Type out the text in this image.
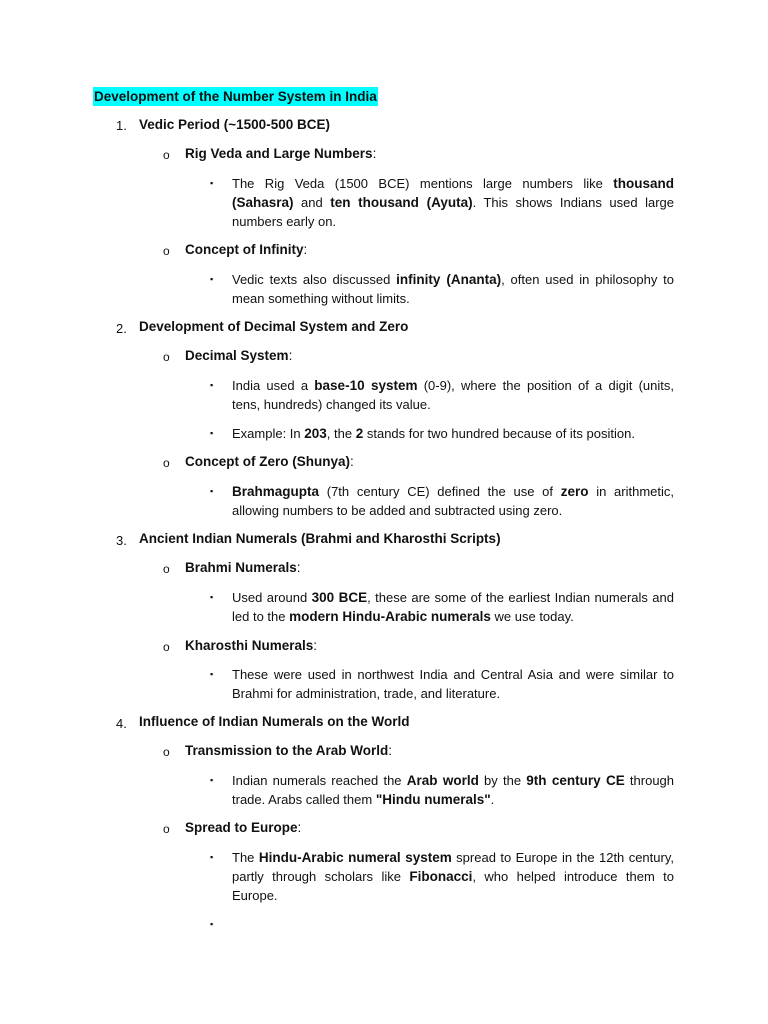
Development of the Number System in India
1. Vedic Period (~1500-500 BCE)
o Rig Veda and Large Numbers:
▪ The Rig Veda (1500 BCE) mentions large numbers like thousand (Sahasra) and ten thousand (Ayuta). This shows Indians used large numbers early on.
o Concept of Infinity:
▪ Vedic texts also discussed infinity (Ananta), often used in philosophy to mean something without limits.
2. Development of Decimal System and Zero
o Decimal System:
▪ India used a base-10 system (0-9), where the position of a digit (units, tens, hundreds) changed its value.
▪ Example: In 203, the 2 stands for two hundred because of its position.
o Concept of Zero (Shunya):
▪ Brahmagupta (7th century CE) defined the use of zero in arithmetic, allowing numbers to be added and subtracted using zero.
3. Ancient Indian Numerals (Brahmi and Kharosthi Scripts)
o Brahmi Numerals:
▪ Used around 300 BCE, these are some of the earliest Indian numerals and led to the modern Hindu-Arabic numerals we use today.
o Kharosthi Numerals:
▪ These were used in northwest India and Central Asia and were similar to Brahmi for administration, trade, and literature.
4. Influence of Indian Numerals on the World
o Transmission to the Arab World:
▪ Indian numerals reached the Arab world by the 9th century CE through trade. Arabs called them "Hindu numerals".
o Spread to Europe:
▪ The Hindu-Arabic numeral system spread to Europe in the 12th century, partly through scholars like Fibonacci, who helped introduce them to Europe.
▪
